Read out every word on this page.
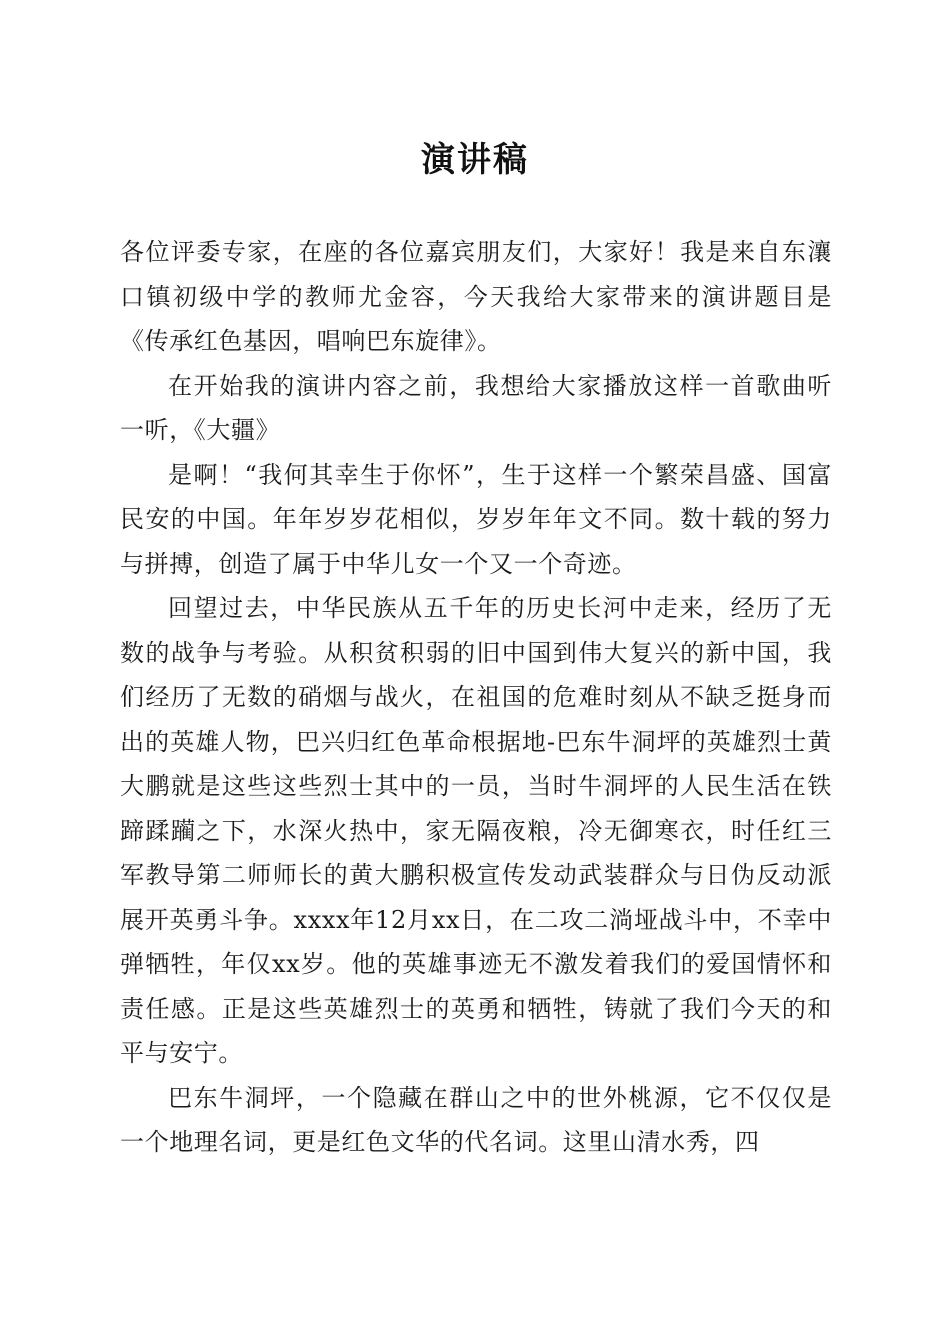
演讲稿

各位评委专家，在座的各位嘉宾朋友们，大家好！我是来自东瀼口镇初级中学的教师尤金容，今天我给大家带来的演讲题目是《传承红色基因，唱响巴东旋律》。

在开始我的演讲内容之前，我想给大家播放这样一首歌曲听一听，《大疆》

是啊！“我何其幸生于你怀”，生于这样一个繁荣昌盛、国富民安的中国。年年岁岁花相似，岁岁年年文不同。数十载的努力与拼搏，创造了属于中华儿女一个又一个奇迹。

回望过去，中华民族从五千年的历史长河中走来，经历了无数的战争与考验。从积贫积弱的旧中国到伟大复兴的新中国，我们经历了无数的硝烟与战火，在祖国的危难时刻从不缺乏挺身而出的英雄人物，巴兴归红色革命根据地-巴东牛洞坪的英雄烈士黄大鹏就是这些这些烈士其中的一员，当时牛洞坪的人民生活在铁蹄蹂躏之下，水深火热中，家无隔夜粮，冷无御寒衣，时任红三军教导第二师师长的黄大鹏积极宣传发动武装群众与日伪反动派展开英勇斗争。xxxx年12月xx日，在二攻二淌垭战斗中，不幸中弹牺牲，年仅xx岁。他的英雄事迹无不激发着我们的爱国情怀和责任感。正是这些英雄烈士的英勇和牺牲，铸就了我们今天的和平与安宁。

巴东牛洞坪，一个隐藏在群山之中的世外桃源，它不仅仅是一个地理名词，更是红色文华的代名词。这里山清水秀，四
